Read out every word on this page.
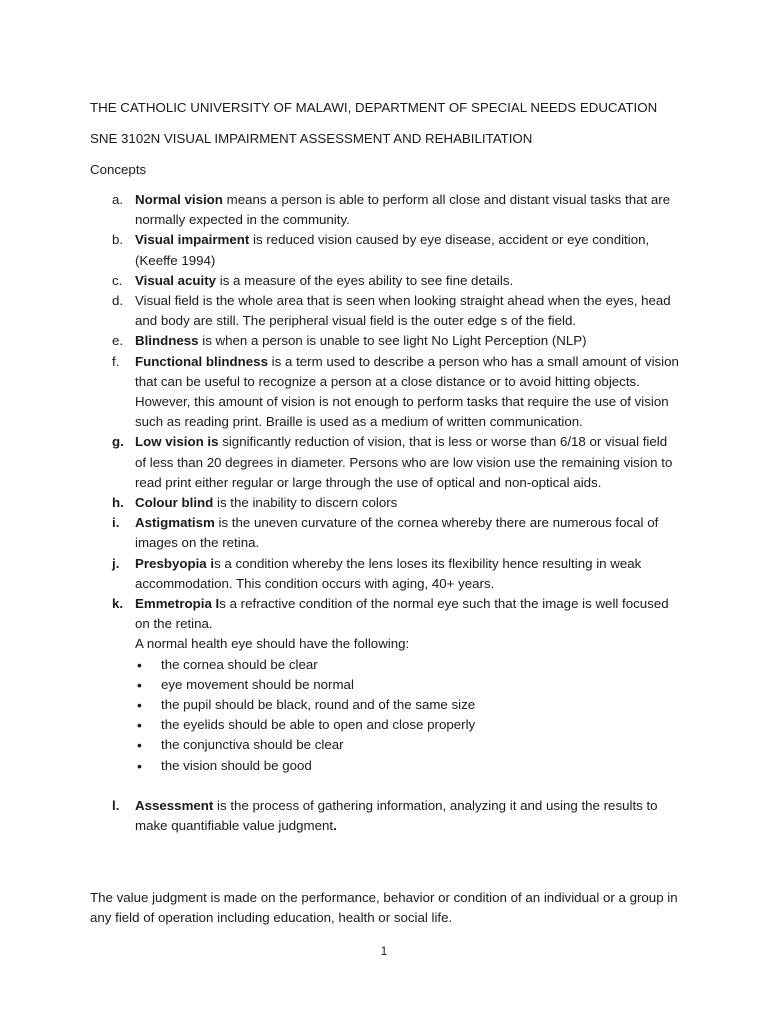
THE CATHOLIC UNIVERSITY OF MALAWI, DEPARTMENT OF SPECIAL NEEDS EDUCATION
SNE 3102N VISUAL IMPAIRMENT ASSESSMENT AND REHABILITATION
Concepts
a. Normal vision means a person is able to perform all close and distant visual tasks that are normally expected in the community.
b. Visual impairment is reduced vision caused by eye disease, accident or eye condition, (Keeffe 1994)
c. Visual acuity is a measure of the eyes ability to see fine details.
d. Visual field is the whole area that is seen when looking straight ahead when the eyes, head and body are still. The peripheral visual field is the outer edge s of the field.
e. Blindness is when a person is unable to see light No Light Perception (NLP)
f. Functional blindness is a term used to describe a person who has a small amount of vision that can be useful to recognize a person at a close distance or to avoid hitting objects. However, this amount of vision is not enough to perform tasks that require the use of vision such as reading print. Braille is used as a medium of written communication.
g. Low vision is significantly reduction of vision, that is less or worse than 6/18 or visual field of less than 20 degrees in diameter. Persons who are low vision use the remaining vision to read print either regular or large through the use of optical and non-optical aids.
h. Colour blind is the inability to discern colors
i. Astigmatism is the uneven curvature of the cornea whereby there are numerous focal of images on the retina.
j. Presbyopia is a condition whereby the lens loses its flexibility hence resulting in weak accommodation. This condition occurs with aging, 40+ years.
k. Emmetropia Is a refractive condition of the normal eye such that the image is well focused on the retina.
A normal health eye should have the following:
• the cornea should be clear
• eye movement should be normal
• the pupil should be black, round and of the same size
• the eyelids should be able to open and close properly
• the conjunctiva should be clear
• the vision should be good
l. Assessment is the process of gathering information, analyzing it and using the results to make quantifiable value judgment.
The value judgment is made on the performance, behavior or condition of an individual or a group in any field of operation including education, health or social life.
1
